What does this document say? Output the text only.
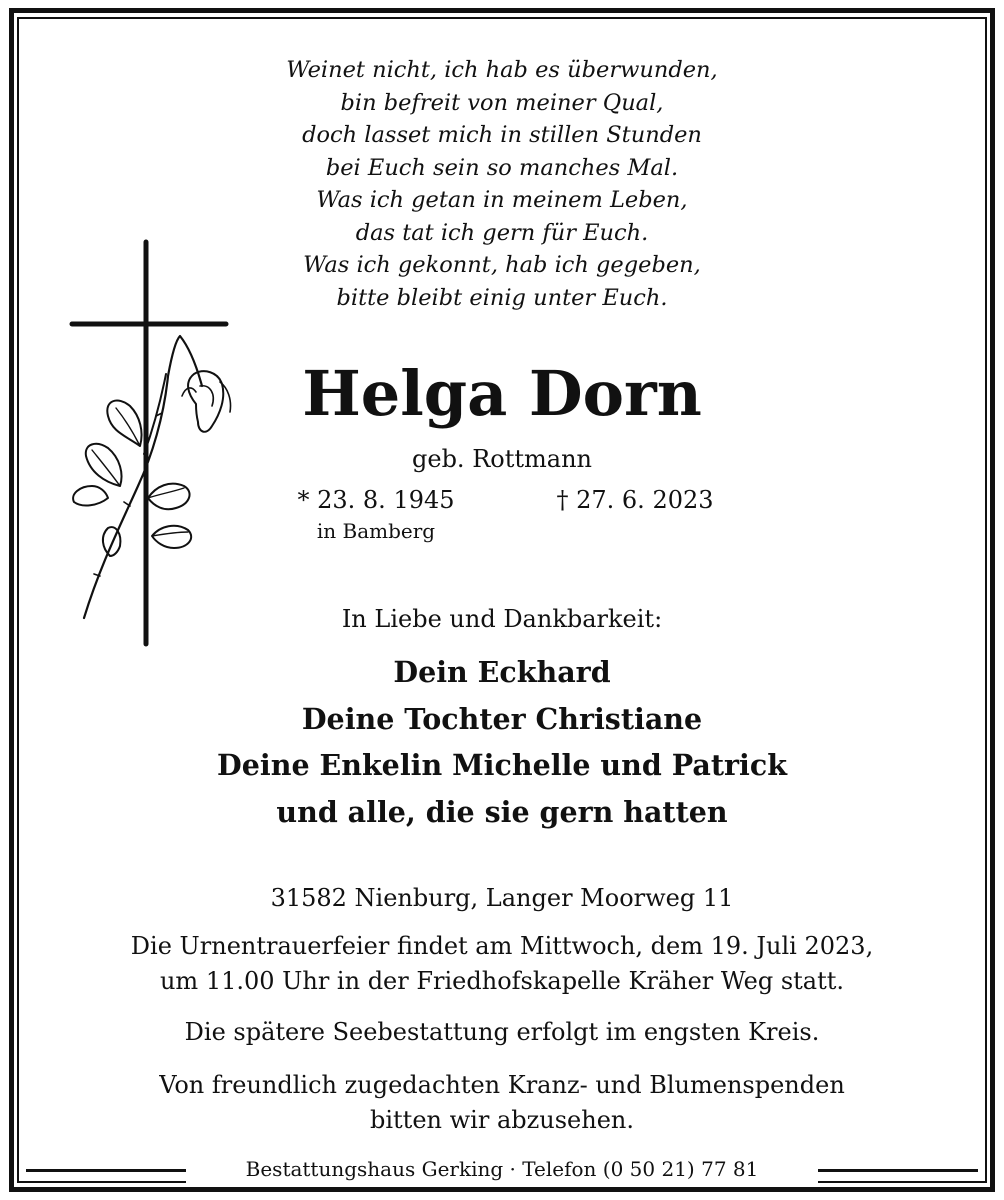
Weinet nicht, ich hab es überwunden,
bin befreit von meiner Qual,
doch lasset mich in stillen Stunden
bei Euch sein so manches Mal.
Was ich getan in meinem Leben,
das tat ich gern für Euch.
Was ich gekonnt, hab ich gegeben,
bitte bleibt einig unter Euch.
Helga Dorn
geb. Rottmann
* 23. 8. 1945
in Bamberg
† 27. 6. 2023
In Liebe und Dankbarkeit:
Dein Eckhard
Deine Tochter Christiane
Deine Enkelin Michelle und Patrick
und alle, die sie gern hatten
31582 Nienburg, Langer Moorweg 11
Die Urnentrauerfeier findet am Mittwoch, dem 19. Juli 2023,
um 11.00 Uhr in der Friedhofskapelle Kräher Weg statt.
Die spätere Seebestattung erfolgt im engsten Kreis.
Von freundlich zugedachten Kranz- und Blumenspenden
bitten wir abzusehen.
Bestattungshaus Gerking · Telefon (0 50 21) 77 81
